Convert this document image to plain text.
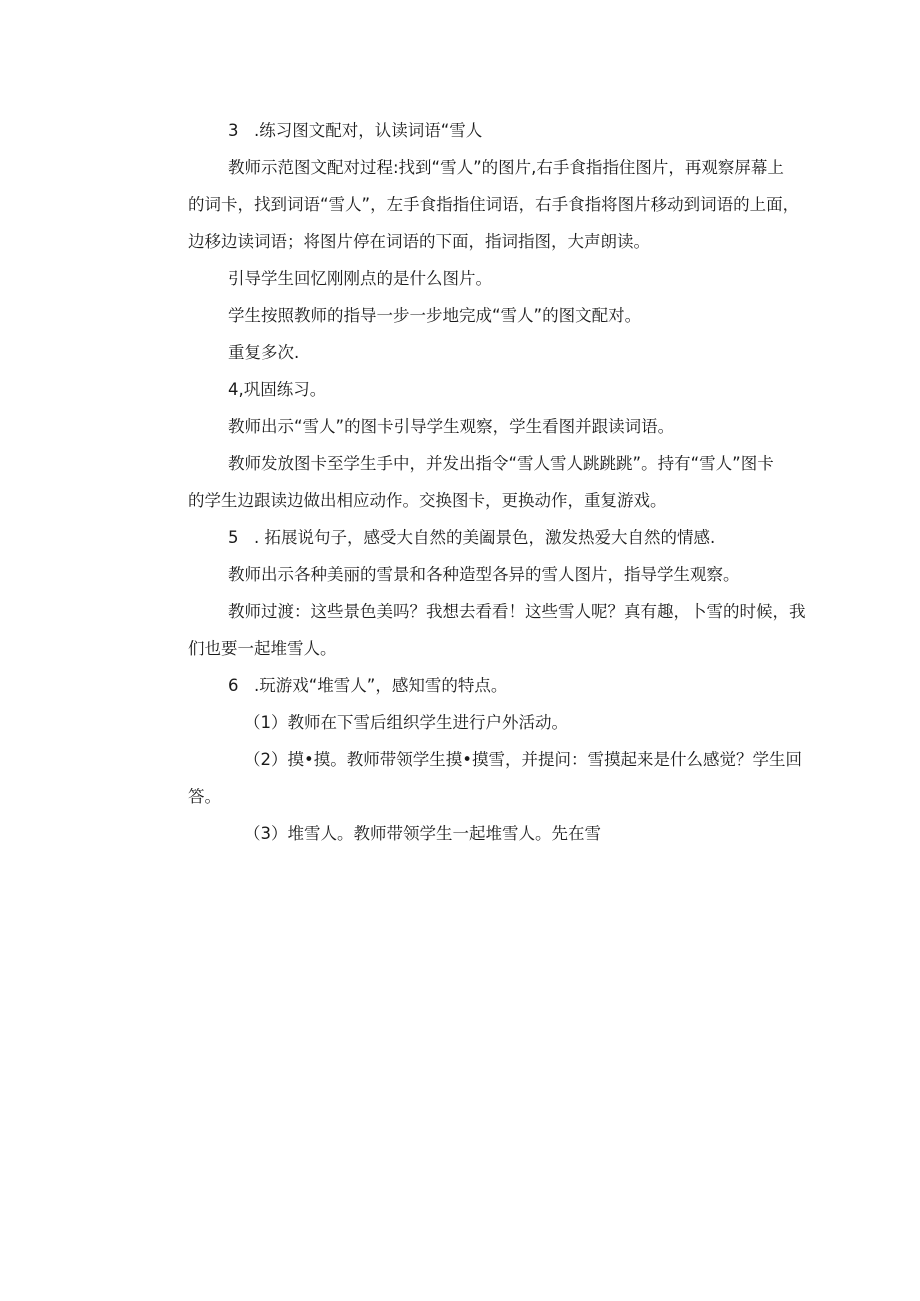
3 .练习图文配对，认读词语“雪人

教师示范图文配对过程:找到“雪人”的图片,右手食指指住图片，再观察屏幕上

的词卡，找到词语“雪人”，左手食指指住词语，右手食指将图片移动到词语的上面，

边移边读词语；将图片停在词语的下面，指词指图，大声朗读。

引导学生回忆刚刚点的是什么图片。

学生按照教师的指导一步一步地完成“雪人”的图文配对。

重复多次.

4,巩固练习。

教师出示“雪人”的图卡引导学生观察，学生看图并跟读词语。

教师发放图卡至学生手中，并发出指令“雪人雪人跳跳跳”。持有“雪人”图卡

的学生边跟读边做出相应动作。交换图卡，更换动作，重复游戏。

5 . 拓展说句子，感受大自然的美阖景色，激发热爱大自然的情感.

教师出示各种美丽的雪景和各种造型各异的雪人图片，指导学生观察。

教师过渡：这些景色美吗？我想去看看！这些雪人呢？真有趣，卜雪的时候，我

们也要一起堆雪人。

6 .玩游戏“堆雪人”，感知雪的特点。

（1）教师在下雪后组织学生进行户外活动。

（2）摸•摸。教师带领学生摸•摸雪，并提问：雪摸起来是什么感觉？学生回

答。

（3）堆雪人。教师带领学生一起堆雪人。先在雪
